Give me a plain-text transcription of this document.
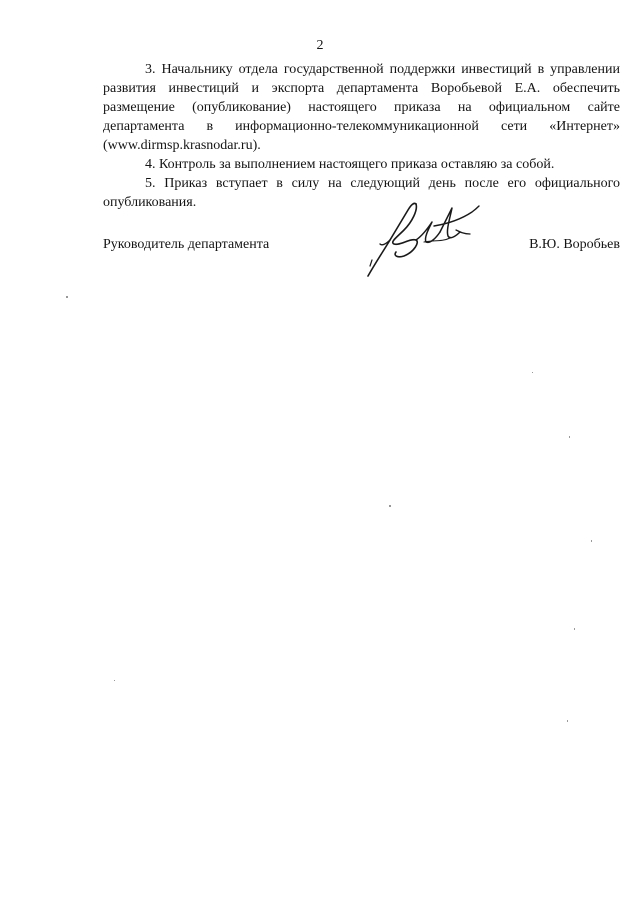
2

3. Начальнику отдела государственной поддержки инвестиций в управлении развития инвестиций и экспорта департамента Воробьевой Е.А. обеспечить размещение (опубликование) настоящего приказа на официальном сайте департамента в информационно-телекоммуникационной сети «Интернет» (www.dirmsp.krasnodar.ru).

4. Контроль за выполнением настоящего приказа оставляю за собой.

5. Приказ вступает в силу на следующий день после его официального опубликования.

Руководитель департамента	В.Ю. Воробьев
